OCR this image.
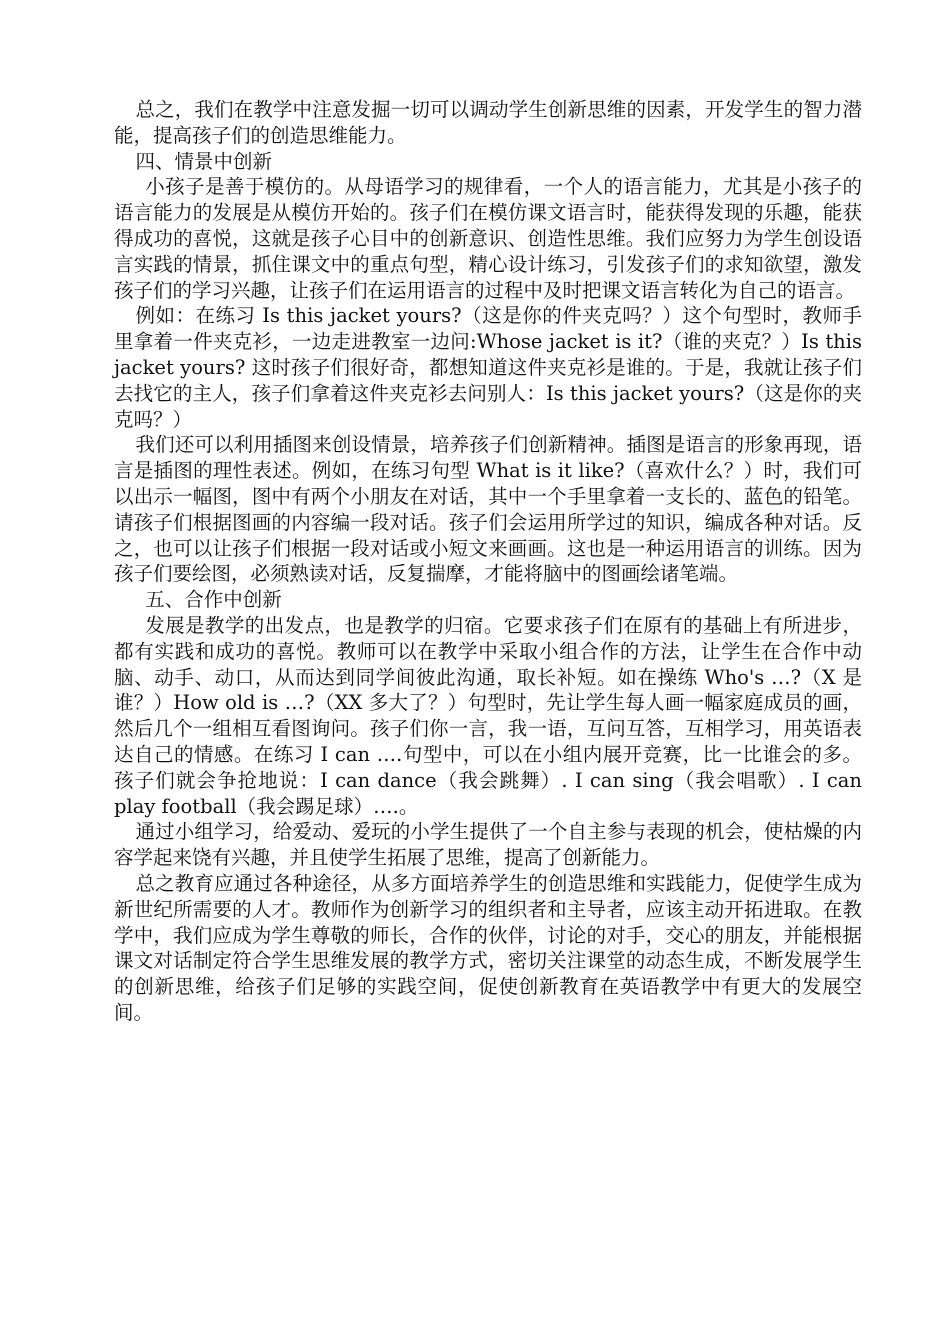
总之，我们在教学中注意发掘一切可以调动学生创新思维的因素，开发学生的智力潜能，提高孩子们的创造思维能力。

四、情景中创新

小孩子是善于模仿的。从母语学习的规律看，一个人的语言能力，尤其是小孩子的语言能力的发展是从模仿开始的。孩子们在模仿课文语言时，能获得发现的乐趣，能获得成功的喜悦，这就是孩子心目中的创新意识、创造性思维。我们应努力为学生创设语言实践的情景，抓住课文中的重点句型，精心设计练习，引发孩子们的求知欲望，激发孩子们的学习兴趣，让孩子们在运用语言的过程中及时把课文语言转化为自己的语言。

例如：在练习 Is this jacket yours?（这是你的件夹克吗？）这个句型时，教师手里拿着一件夹克衫，一边走进教室一边问:Whose jacket is it?（谁的夹克？）Is this jacket yours? 这时孩子们很好奇，都想知道这件夹克衫是谁的。于是，我就让孩子们去找它的主人，孩子们拿着这件夹克衫去问别人：Is this jacket yours?（这是你的夹克吗？）

我们还可以利用插图来创设情景，培养孩子们创新精神。插图是语言的形象再现，语言是插图的理性表述。例如，在练习句型 What is it like?（喜欢什么？）时，我们可以出示一幅图，图中有两个小朋友在对话，其中一个手里拿着一支长的、蓝色的铅笔。请孩子们根据图画的内容编一段对话。孩子们会运用所学过的知识，编成各种对话。反之，也可以让孩子们根据一段对话或小短文来画画。这也是一种运用语言的训练。因为孩子们要绘图，必须熟读对话，反复揣摩，才能将脑中的图画绘诸笔端。

五、合作中创新

发展是教学的出发点，也是教学的归宿。它要求孩子们在原有的基础上有所进步，都有实践和成功的喜悦。教师可以在教学中采取小组合作的方法，让学生在合作中动脑、动手、动口，从而达到同学间彼此沟通，取长补短。如在操练 Who's …?（X 是谁？）How old is …?（XX 多大了？）句型时，先让学生每人画一幅家庭成员的画，然后几个一组相互看图询问。孩子们你一言，我一语，互问互答，互相学习，用英语表达自己的情感。在练习 I can ….句型中，可以在小组内展开竞赛，比一比谁会的多。孩子们就会争抢地说：I can dance（我会跳舞）. I can sing（我会唱歌）. I can play football（我会踢足球）….。

通过小组学习，给爱动、爱玩的小学生提供了一个自主参与表现的机会，使枯燥的内容学起来饶有兴趣，并且使学生拓展了思维，提高了创新能力。

总之教育应通过各种途径，从多方面培养学生的创造思维和实践能力，促使学生成为新世纪所需要的人才。教师作为创新学习的组织者和主导者，应该主动开拓进取。在教学中，我们应成为学生尊敬的师长，合作的伙伴，讨论的对手，交心的朋友，并能根据课文对话制定符合学生思维发展的教学方式，密切关注课堂的动态生成，不断发展学生的创新思维，给孩子们足够的实践空间，促使创新教育在英语教学中有更大的发展空间。
